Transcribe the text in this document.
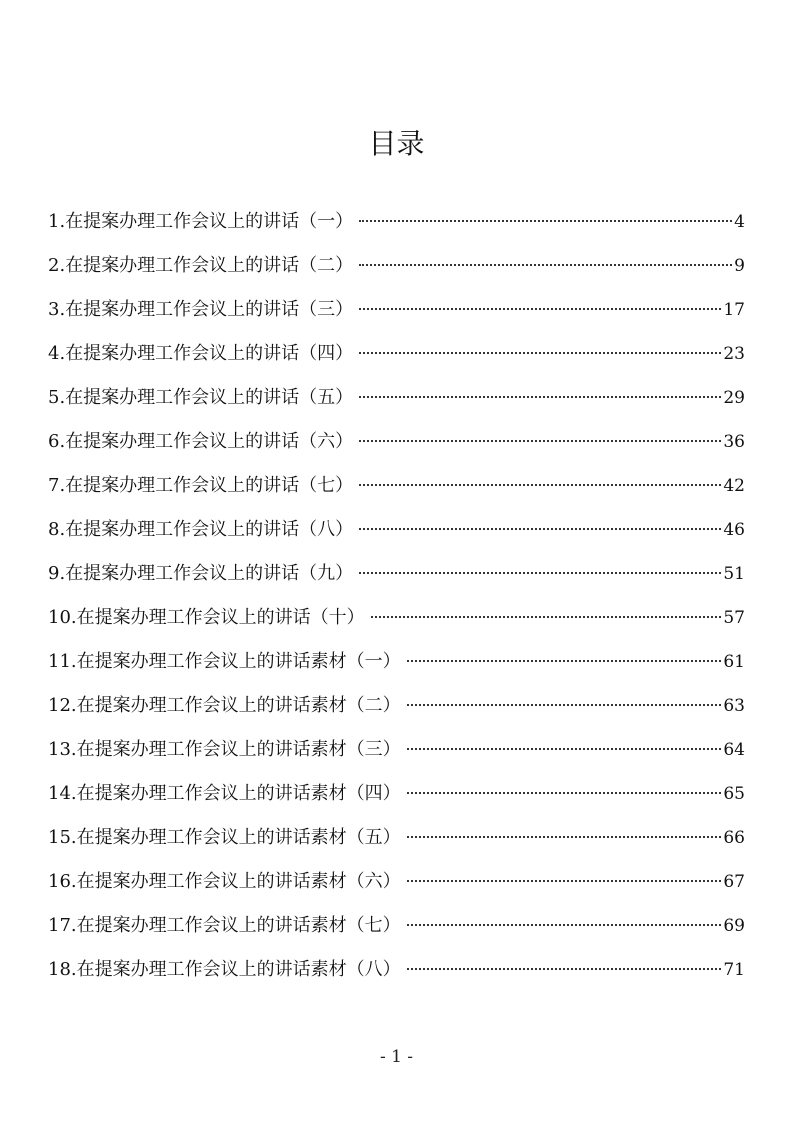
目录
1. 在提案办理工作会议上的讲话（一）	4
2. 在提案办理工作会议上的讲话（二）	9
3. 在提案办理工作会议上的讲话（三）	17
4. 在提案办理工作会议上的讲话（四）	23
5. 在提案办理工作会议上的讲话（五）	29
6. 在提案办理工作会议上的讲话（六）	36
7. 在提案办理工作会议上的讲话（七）	42
8. 在提案办理工作会议上的讲话（八）	46
9. 在提案办理工作会议上的讲话（九）	51
10. 在提案办理工作会议上的讲话（十）	57
11. 在提案办理工作会议上的讲话素材（一）	61
12. 在提案办理工作会议上的讲话素材（二）	63
13. 在提案办理工作会议上的讲话素材（三）	64
14. 在提案办理工作会议上的讲话素材（四）	65
15. 在提案办理工作会议上的讲话素材（五）	66
16. 在提案办理工作会议上的讲话素材（六）	67
17. 在提案办理工作会议上的讲话素材（七）	69
18. 在提案办理工作会议上的讲话素材（八）	71
- 1 -
